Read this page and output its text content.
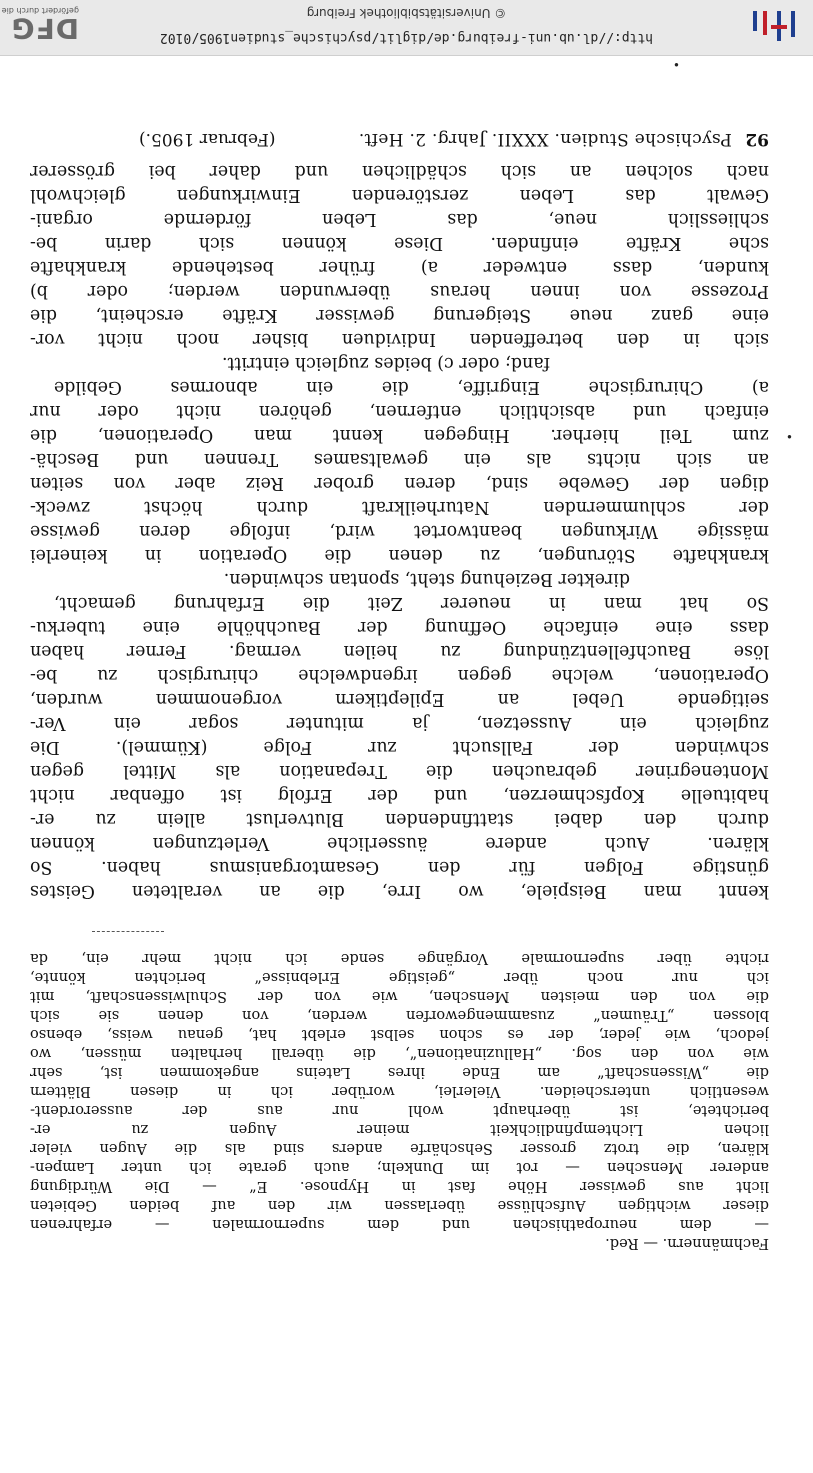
http://dl.ub.uni-freiburg.de/diglit/psychische_studien1905/0102
© Universitätsbibliothek Freiburg
DFG
gefördert durch die
•
•
92 Psychische Studien. XXXII. Jahrg. 2. Heft.
(Februar 1905.)
nach solchen an sich schädlichen und daher bei grösserer
Gewalt das Leben zerstörenden Einwirkungen gleichwohl
schliesslich neue, das Leben fördernde organi-
sche Kräfte einfinden. Diese können sich darin be-
kunden, dass entweder a) früher bestehende krankhafte
Prozesse von innen heraus überwunden werden; oder b)
eine ganz neue Steigerung gewisser Kräfte erscheint, die
sich in den betreffenden Individuen bisher noch nicht vor-
fand; oder c) beides zugleich eintritt.
a) Chirurgische Eingriffe, die ein abnormes Gebilde
einfach und absichtlich entfernen, gehören nicht oder nur
zum Teil hierher. Hingegen kennt man Operationen, die
an sich nichts als ein gewaltsames Trennen und Beschä-
digen der Gewebe sind, deren grober Reiz aber von seiten
der schlummernden Naturheilkraft durch höchst zweck-
mässige Wirkungen beantwortet wird, infolge deren gewisse
krankhafte Störungen, zu denen die Operation in keinerlei
direkter Beziehung steht, spontan schwinden.
So hat man in neuerer Zeit die Erfahrung gemacht,
dass eine einfache Oeffnung der Bauchhöhle eine tuberku-
löse Bauchfellentzündung zu heilen vermag. Ferner haben
Operationen, welche gegen irgendwelche chirurgisch zu be-
seitigende Uebel an Epileptikern vorgenommen wurden,
zugleich ein Aussetzen, ja mitunter sogar ein Ver-
schwinden der Fallsucht zur Folge (Kümmel). Die
Montenegriner gebrauchen die Trepanation als Mittel gegen
habituelle Kopfschmerzen, und der Erfolg ist offenbar nicht
durch den dabei stattfindenden Blutverlust allein zu er-
klären. Auch andere äusserliche Verletzungen können
günstige Folgen für den Gesamtorganismus haben. So
kennt man Beispiele, wo Irre, die an veralteten Geistes
richte über supernormale Vorgänge sende ich nicht mehr ein, da
ich nur noch über „geistige Erlebnisse“ berichten könnte,
die von den meisten Menschen, wie von der Schulwissenschaft, mit
blossen „Träumen“ zusammengeworfen werden, von denen sie sich
jedoch, wie jeder, der es schon selbst erlebt hat, genau weiss, ebenso
wie von den sog. „Halluzinationen“, die überall herhalten müssen, wo
die „Wissenschaft“ am Ende ihres Lateins angekommen ist, sehr
wesentlich unterscheiden. Vielerlei, worüber ich in diesen Blättern
berichtete, ist überhaupt wohl nur aus der ausserordent-
lichen Lichtempfindlichkeit meiner Augen zu er-
klären, die trotz grosser Sehschärfe anders sind als die Augen vieler
anderer Menschen — rot im Dunkeln; auch gerate ich unter Lampen-
licht aus gewisser Höhe fast in Hypnose. E“ — Die Würdigung
dieser wichtigen Aufschlüsse überlassen wir den auf beiden Gebieten
— dem neuropathischen und dem supernormalen — erfahrenen
Fachmännern. — Red.
